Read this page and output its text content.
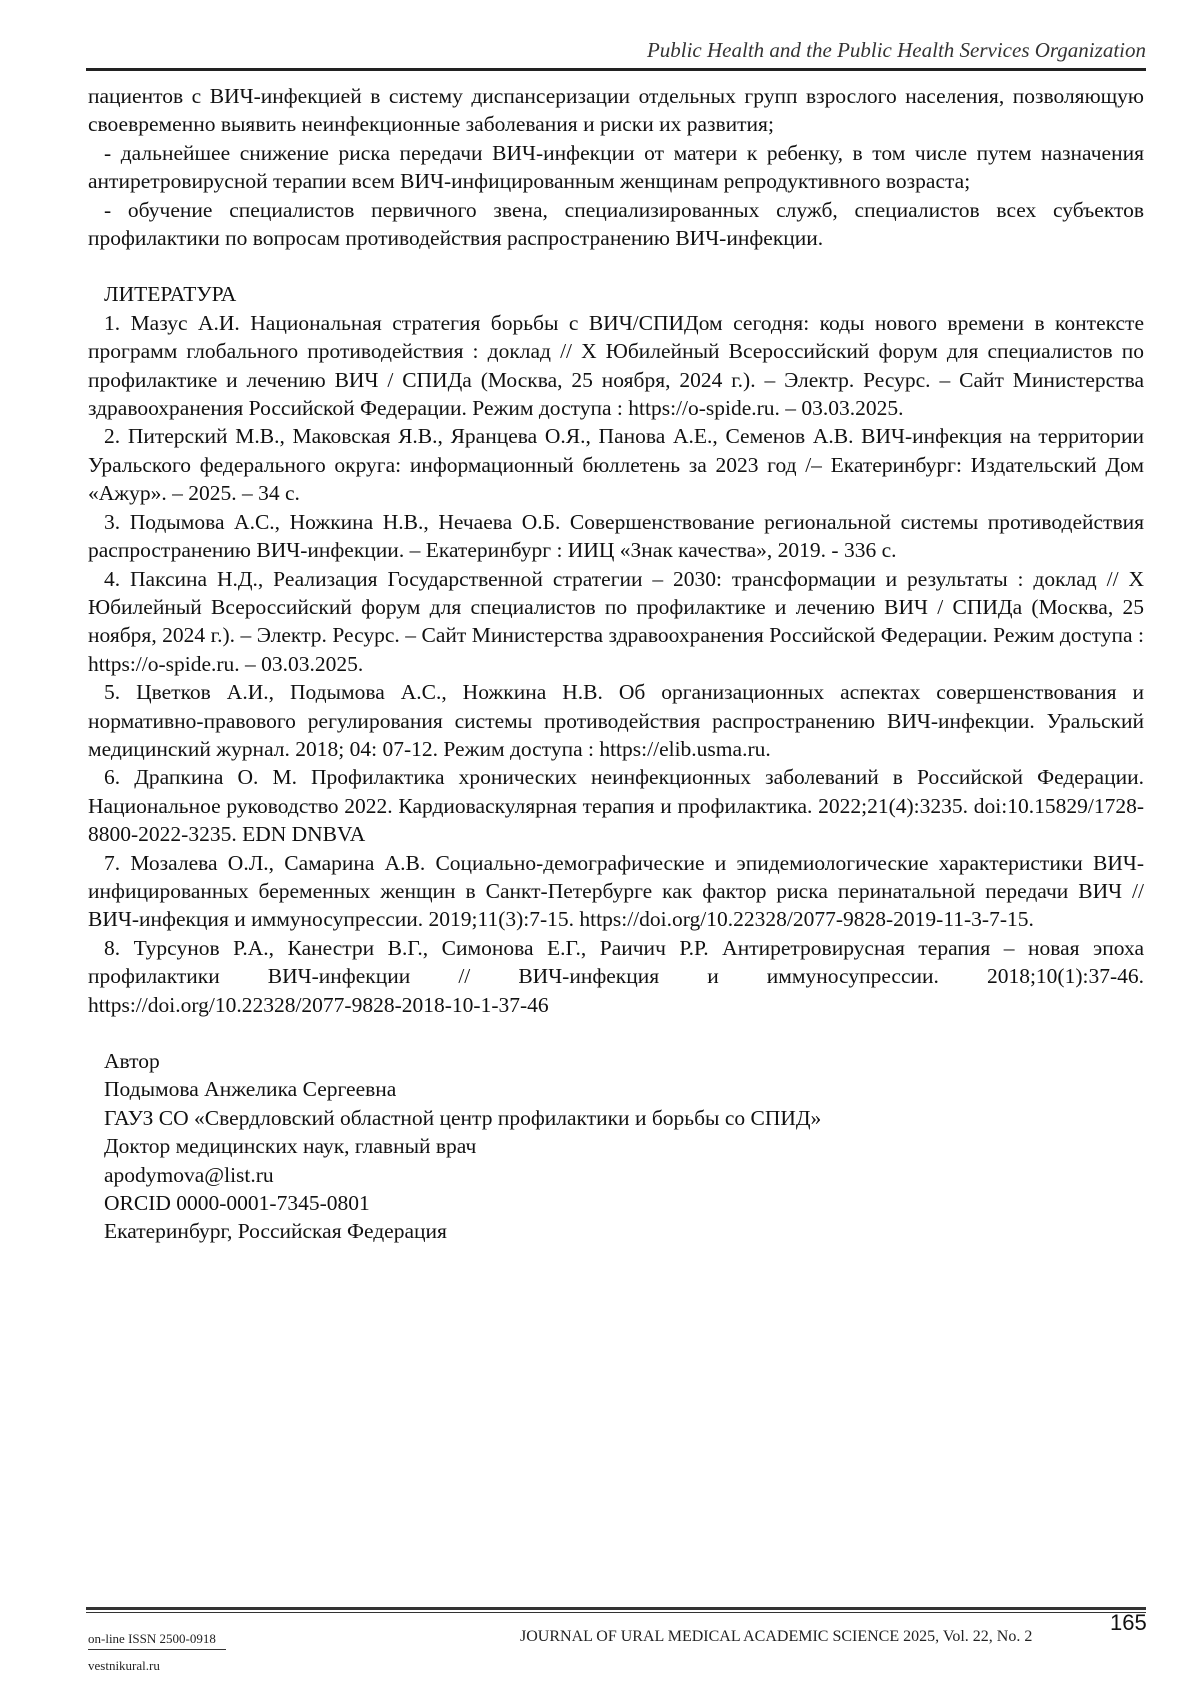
Public Health and the Public Health Services Organization

пациентов с ВИЧ-инфекцией в систему диспансеризации отдельных групп взрослого населения, позволяющую своевременно выявить неинфекционные заболевания и риски их развития;

- дальнейшее снижение риска передачи ВИЧ-инфекции от матери к ребенку, в том числе путем назначения антиретровирусной терапии всем ВИЧ-инфицированным женщинам репродуктивного возраста;

- обучение специалистов первичного звена, специализированных служб, специалистов всех субъектов профилактики по вопросам противодействия распространению ВИЧ-инфекции.

ЛИТЕРАТУРА

1. Мазус А.И. Национальная стратегия борьбы с ВИЧ/СПИДом сегодня: коды нового времени в контексте программ глобального противодействия : доклад // X Юбилейный Всероссийский форум для специалистов по профилактике и лечению ВИЧ / СПИДа (Москва, 25 ноября, 2024 г.). – Электр. Ресурс. – Сайт Министерства здравоохранения Российской Федерации. Режим доступа : https://o-spide.ru. – 03.03.2025.

2. Питерский М.В., Маковская Я.В., Яранцева О.Я., Панова А.Е., Семенов А.В. ВИЧ-инфекция на территории Уральского федерального округа: информационный бюллетень за 2023 год /– Екатеринбург: Издательский Дом «Ажур». – 2025. – 34 с.

3. Подымова А.С., Ножкина Н.В., Нечаева О.Б. Совершенствование региональной системы противодействия распространению ВИЧ-инфекции. – Екатеринбург : ИИЦ «Знак качества», 2019. - 336 с.

4. Паксина Н.Д., Реализация Государственной стратегии – 2030: трансформации и результаты : доклад // X Юбилейный Всероссийский форум для специалистов по профилактике и лечению ВИЧ / СПИДа (Москва, 25 ноября, 2024 г.). – Электр. Ресурс. – Сайт Министерства здравоохранения Российской Федерации. Режим доступа : https://o-spide.ru. – 03.03.2025.

5. Цветков А.И., Подымова А.С., Ножкина Н.В. Об организационных аспектах совершенствования и нормативно-правового регулирования системы противодействия распространению ВИЧ-инфекции. Уральский медицинский журнал. 2018; 04: 07-12. Режим доступа : https://elib.usma.ru.

6. Драпкина О. М. Профилактика хронических неинфекционных заболеваний в Российской Федерации. Национальное руководство 2022. Кардиоваскулярная терапия и профилактика. 2022;21(4):3235. doi:10.15829/1728-8800-2022-3235. EDN DNBVA

7. Мозалева О.Л., Самарина А.В. Социально-демографические и эпидемиологические характеристики ВИЧ-инфицированных беременных женщин в Санкт-Петербурге как фактор риска перинатальной передачи ВИЧ // ВИЧ-инфекция и иммуносупрессии. 2019;11(3):7-15. https://doi.org/10.22328/2077-9828-2019-11-3-7-15.

8. Турсунов Р.А., Канестри В.Г., Симонова Е.Г., Раичич Р.Р. Антиретровирусная терапия – новая эпоха профилактики ВИЧ-инфекции // ВИЧ-инфекция и иммуносупрессии. 2018;10(1):37-46. https://doi.org/10.22328/2077-9828-2018-10-1-37-46

Автор

Подымова Анжелика Сергеевна

ГАУЗ СО «Свердловский областной центр профилактики и борьбы со СПИД»

Доктор медицинских наук, главный врач

apodymova@list.ru

ORCID 0000-0001-7345-0801

Екатеринбург, Российская Федерация

on-line ISSN 2500-0918
vestnikural.ru
JOURNAL OF URAL MEDICAL ACADEMIC SCIENCE 2025, Vol. 22, No. 2
165
